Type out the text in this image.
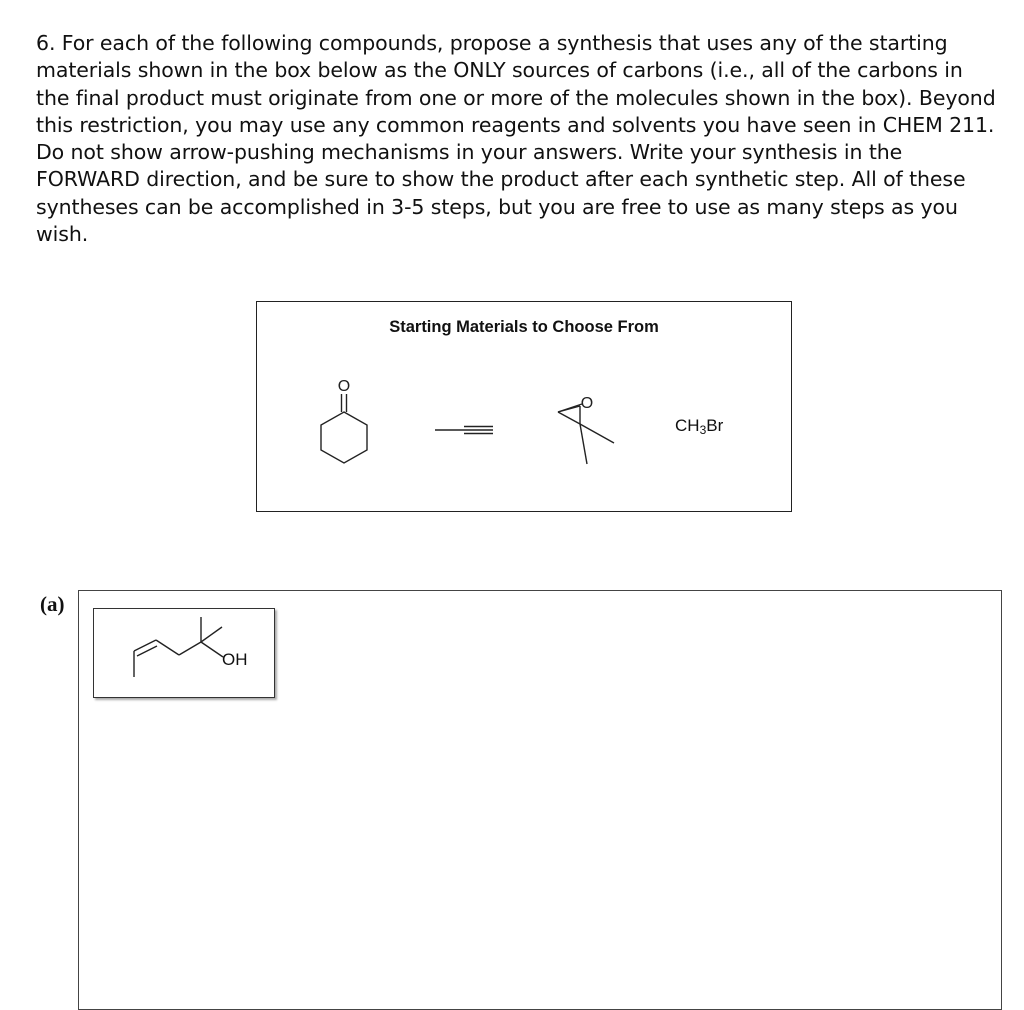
6. For each of the following compounds, propose a synthesis that uses any of the starting materials shown in the box below as the ONLY sources of carbons (i.e., all of the carbons in the final product must originate from one or more of the molecules shown in the box). Beyond this restriction, you may use any common reagents and solvents you have seen in CHEM 211. Do not show arrow-pushing mechanisms in your answers. Write your synthesis in the FORWARD direction, and be sure to show the product after each synthetic step. All of these syntheses can be accomplished in 3-5 steps, but you are free to use as many steps as you wish.

Starting Materials to Choose From
O
O
$CH_3Br$
(a)
OH
